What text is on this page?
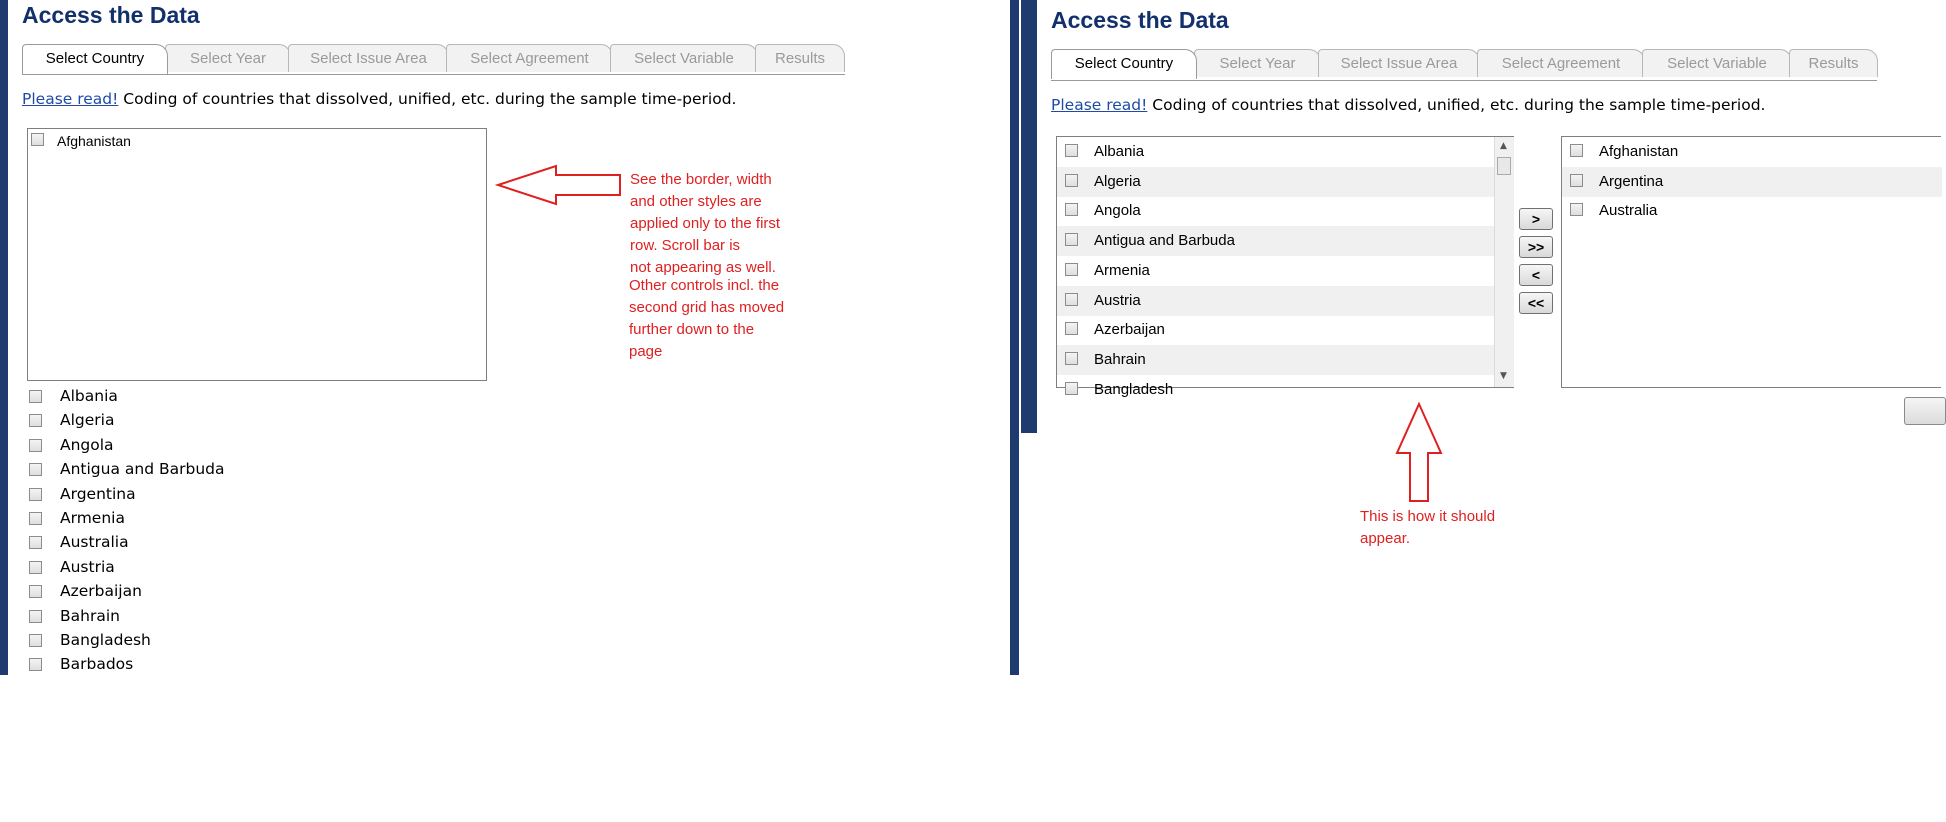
Access the Data
Select Country	Select Year	Select Issue Area	Select Agreement	Select Variable	Results
Please read! Coding of countries that dissolved, unified, etc. during the sample time-period.
Afghanistan
Albania
Algeria
Angola
Antigua and Barbuda
Argentina
Armenia
Australia
Austria
Azerbaijan
Bahrain
Bangladesh
Barbados
See the border, width
and other styles are
applied only to the first
row. Scroll bar is
not appearing as well.
Other controls incl. the
second grid has moved
further down to the
page
Access the Data
Select Country	Select Year	Select Issue Area	Select Agreement	Select Variable	Results
Please read! Coding of countries that dissolved, unified, etc. during the sample time-period.
Albania
Algeria
Angola
Antigua and Barbuda
Armenia
Austria
Azerbaijan
Bahrain
Bangladesh
▲
▼
>
>>
<
<<
Afghanistan
Argentina
Australia
This is how it should
appear.
